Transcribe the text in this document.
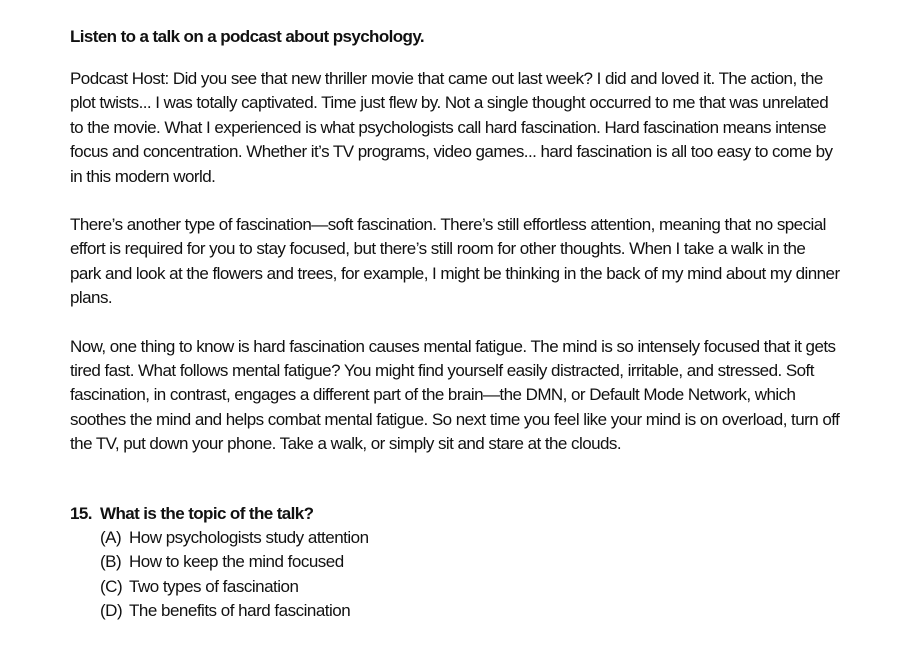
Listen to a talk on a podcast about psychology.
Podcast Host: Did you see that new thriller movie that came out last week? I did and loved it. The action, the plot twists... I was totally captivated. Time just flew by. Not a single thought occurred to me that was unrelated to the movie. What I experienced is what psychologists call hard fascination. Hard fascination means intense focus and concentration. Whether it’s TV programs, video games... hard fascination is all too easy to come by in this modern world.
There’s another type of fascination—soft fascination. There’s still effortless attention, meaning that no special effort is required for you to stay focused, but there’s still room for other thoughts. When I take a walk in the park and look at the flowers and trees, for example, I might be thinking in the back of my mind about my dinner plans.
Now, one thing to know is hard fascination causes mental fatigue. The mind is so intensely focused that it gets tired fast. What follows mental fatigue? You might find yourself easily distracted, irritable, and stressed. Soft fascination, in contrast, engages a different part of the brain—the DMN, or Default Mode Network, which soothes the mind and helps combat mental fatigue. So next time you feel like your mind is on overload, turn off the TV, put down your phone. Take a walk, or simply sit and stare at the clouds.
15. What is the topic of the talk?
(A) How psychologists study attention
(B) How to keep the mind focused
(C) Two types of fascination
(D) The benefits of hard fascination
